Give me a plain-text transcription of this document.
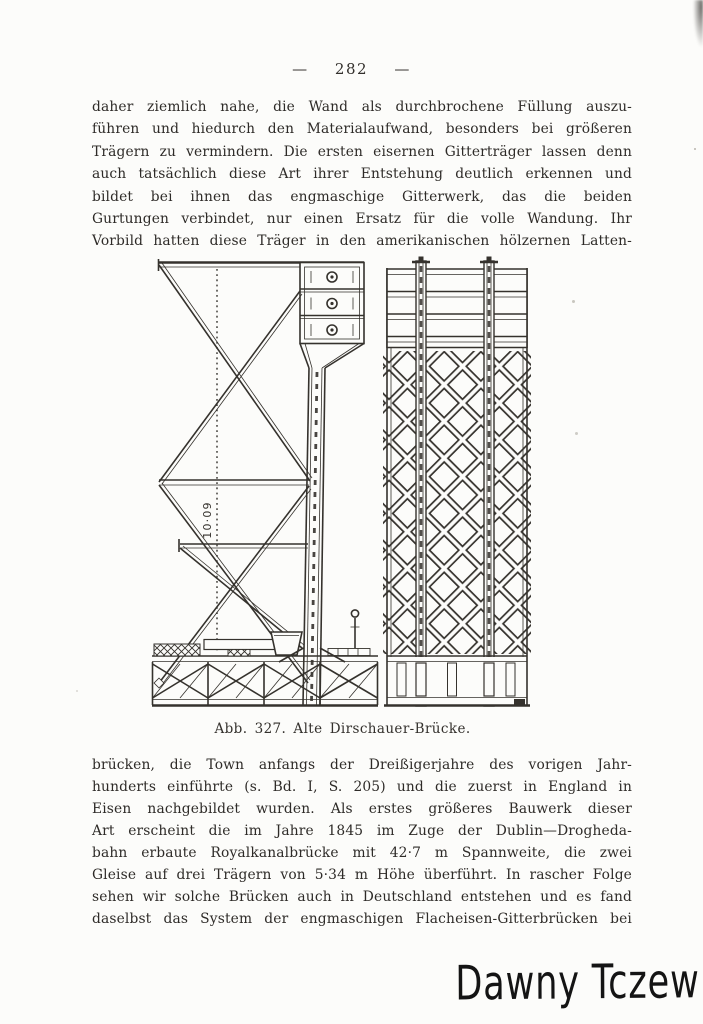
— 282 —
daher ziemlich nahe, die Wand als durchbrochene Füllung auszu-
führen und hiedurch den Materialaufwand, besonders bei größeren
Trägern zu vermindern. Die ersten eisernen Gitterträger lassen denn
auch tatsächlich diese Art ihrer Entstehung deutlich erkennen und
bildet bei ihnen das engmaschige Gitterwerk, das die beiden
Gurtungen verbindet, nur einen Ersatz für die volle Wandung. Ihr
Vorbild hatten diese Träger in den amerikanischen hölzernen Latten-
10·09
Abb. 327. Alte Dirschauer-Brücke.
brücken, die Town anfangs der Dreißigerjahre des vorigen Jahr-
hunderts einführte (s. Bd. I, S. 205) und die zuerst in England in
Eisen nachgebildet wurden. Als erstes größeres Bauwerk dieser
Art erscheint die im Jahre 1845 im Zuge der Dublin—Drogheda-
bahn erbaute Royalkanalbrücke mit 42·7 m Spannweite, die zwei
Gleise auf drei Trägern von 5·34 m Höhe überführt. In rascher Folge
sehen wir solche Brücken auch in Deutschland entstehen und es fand
daselbst das System der engmaschigen Flacheisen-Gitterbrücken bei
Dawny Tczew
